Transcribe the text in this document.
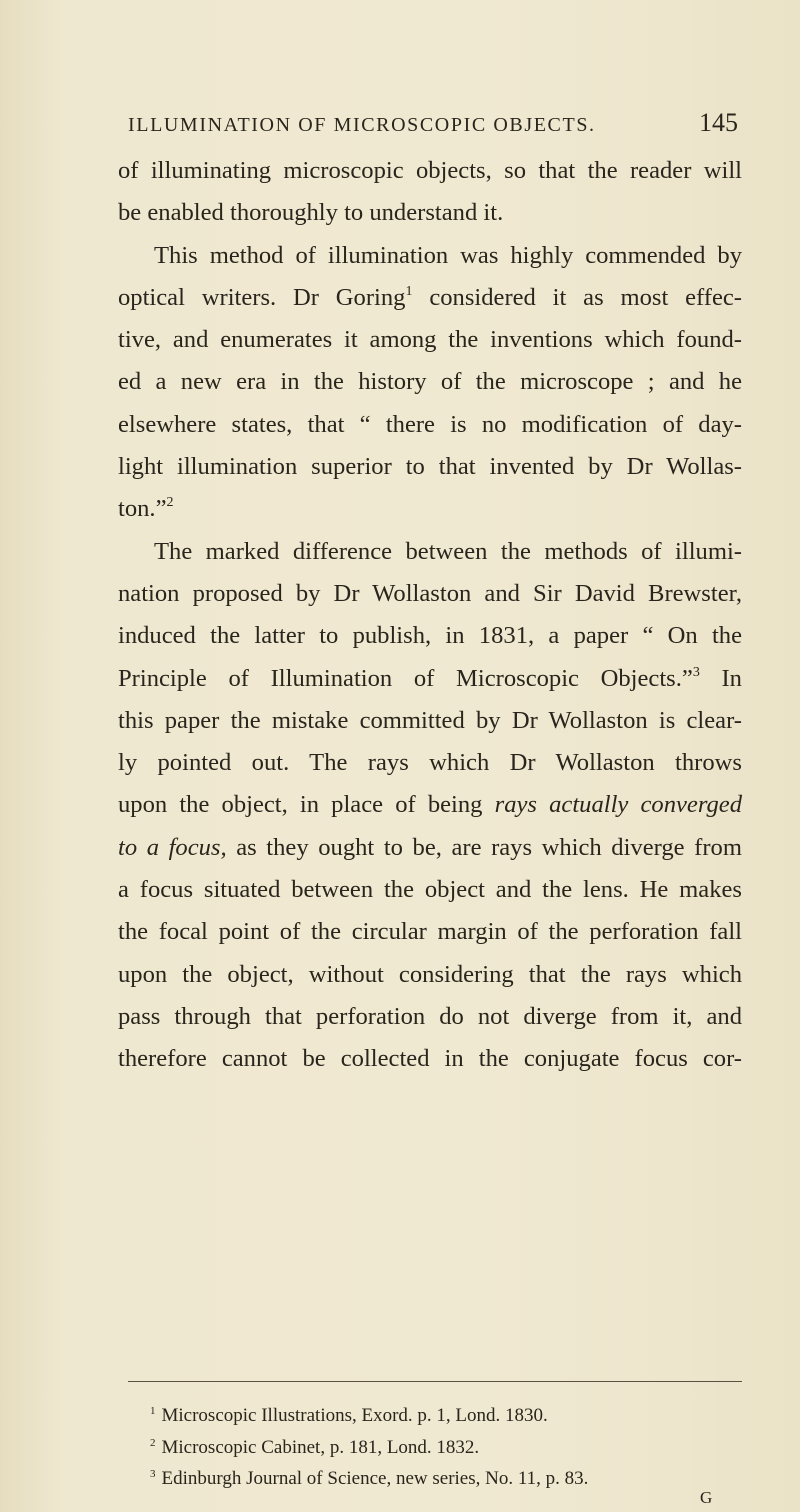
ILLUMINATION OF MICROSCOPIC OBJECTS.	145
of illuminating microscopic objects, so that the reader will
be enabled thoroughly to understand it.
This method of illumination was highly commended by
optical writers. Dr Goring$^1$ considered it as most effec-
tive, and enumerates it among the inventions which found-
ed a new era in the history of the microscope ; and he
elsewhere states, that “ there is no modification of day-
light illumination superior to that invented by Dr Wollas-
ton.”$^2$
The marked difference between the methods of illumi-
nation proposed by Dr Wollaston and Sir David Brewster,
induced the latter to publish, in 1831, a paper “ On the
Principle of Illumination of Microscopic Objects.”$^3$ In
this paper the mistake committed by Dr Wollaston is clear-
ly pointed out. The rays which Dr Wollaston throws
upon the object, in place of being rays actually converged
to a focus, as they ought to be, are rays which diverge from
a focus situated between the object and the lens. He makes
the focal point of the circular margin of the perforation fall
upon the object, without considering that the rays which
pass through that perforation do not diverge from it, and
therefore cannot be collected in the conjugate focus cor-
$^1$ Microscopic Illustrations, Exord. p. 1, Lond. 1830.
$^2$ Microscopic Cabinet, p. 181, Lond. 1832.
$^3$ Edinburgh Journal of Science, new series, No. 11, p. 83.
G
